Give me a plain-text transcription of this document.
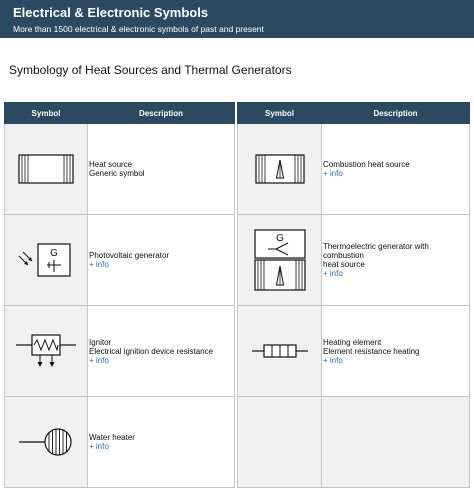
Electrical & Electronic Symbols
More than 1500 electrical & electronic symbols of past and present
Symbology of Heat Sources and Thermal Generators
Symbol	Description

Heat source
Generic symbol

G	Photovoltaic generator
+ info

Ignitor
Electrical ignition device resistance
+ info

Water heater
+ info
Symbol	Description

Combustion heat source
+ info

G	Thermoelectric generator with combustion
heat source
+ info

Heating element
Element resistance heating
+ info
